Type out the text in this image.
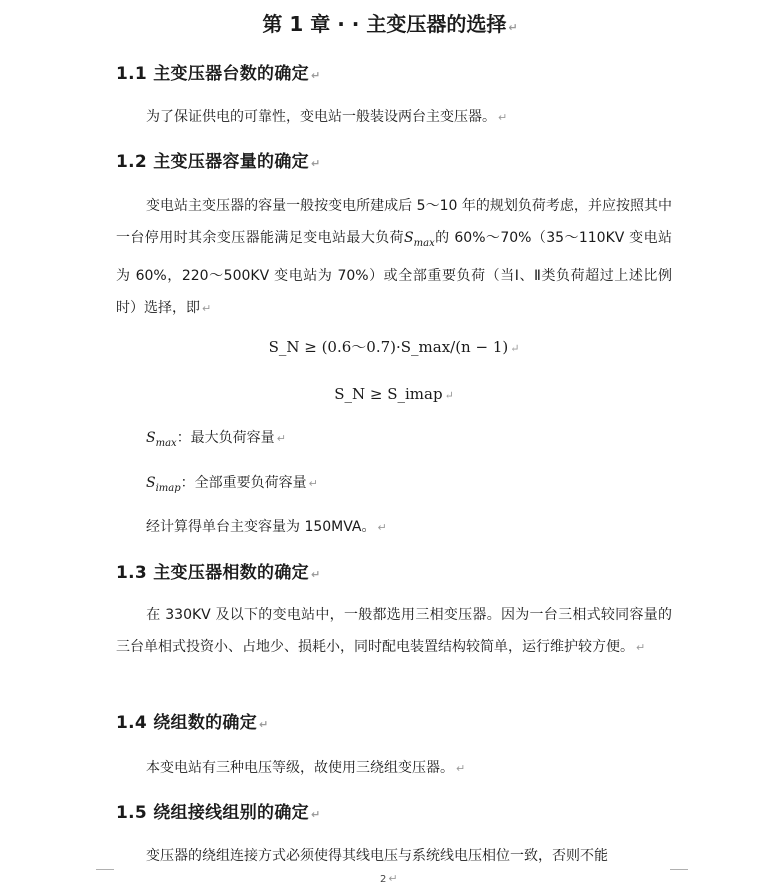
第 1 章 · · 主变压器的选择 ↵
1.1 主变压器台数的确定 ↵
为了保证供电的可靠性，变电站一般装设两台主变压器。 ↵
1.2 主变压器容量的确定 ↵
变电站主变压器的容量一般按变电所建成后 5～10 年的规划负荷考虑，并应按照其中一台停用时其余变压器能满足变电站最大负荷$S_{max}$的 60%～70%（35～110KV 变电站为 60%，220～500KV 变电站为 70%）或全部重要负荷（当Ⅰ、Ⅱ类负荷超过上述比例时）选择，即 ↵
S_N ≥ (0.6～0.7)·S_max/(n − 1) ↵
S_N ≥ S_imap ↵
$S_{max}$：最大负荷容量 ↵
$S_{imap}$：全部重要负荷容量 ↵
经计算得单台主变容量为 150MVA。 ↵
1.3 主变压器相数的确定 ↵
在 330KV 及以下的变电站中，一般都选用三相变压器。因为一台三相式较同容量的三台单相式投资小、占地少、损耗小，同时配电装置结构较简单，运行维护较方便。 ↵
1.4 绕组数的确定 ↵
本变电站有三种电压等级，故使用三绕组变压器。 ↵
1.5 绕组接线组别的确定 ↵
变压器的绕组连接方式必须使得其线电压与系统线电压相位一致，否则不能
2 ↵
